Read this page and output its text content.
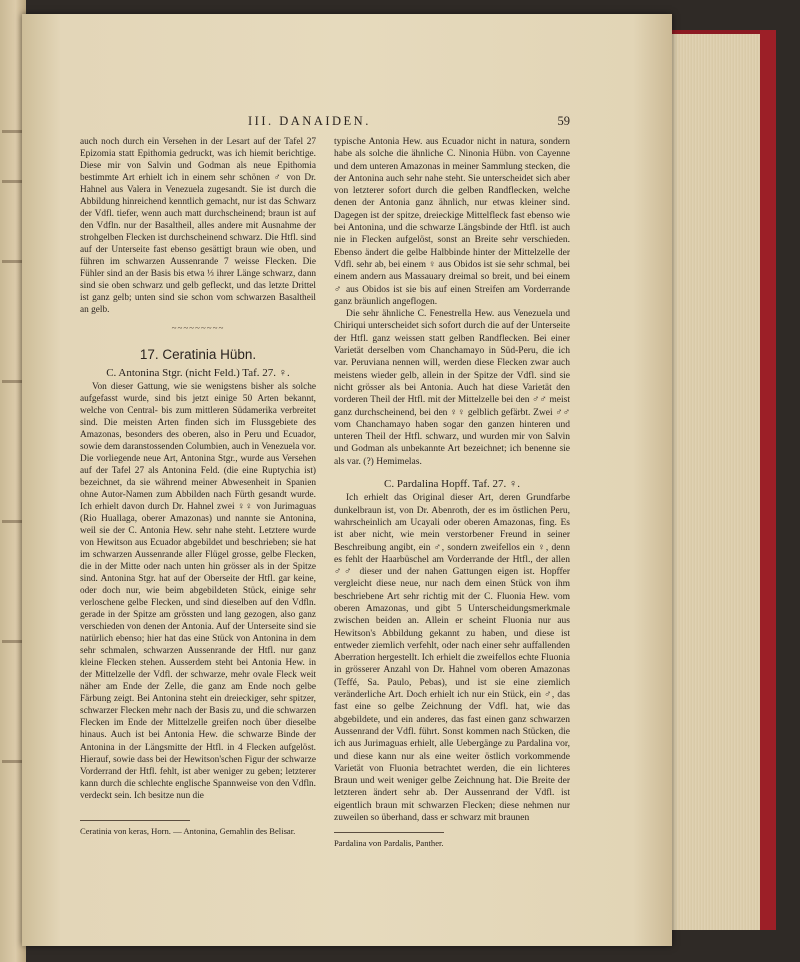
III. DANAIDEN.	59

auch noch durch ein Versehen in der Lesart auf der Tafel 27 Epizomia statt Epithomia gedruckt, was ich hiemit berichtige. Diese mir von Salvin und Godman als neue Epithomia bestimmte Art erhielt ich in einem sehr schönen ♂ von Dr. Hahnel aus Valera in Venezuela zugesandt. Sie ist durch die Abbildung hinreichend kenntlich gemacht, nur ist das Schwarz der Vdfl. tiefer, wenn auch matt durchscheinend; braun ist auf den Vdfln. nur der Basaltheil, alles andere mit Ausnahme der strohgelben Flecken ist durchscheinend schwarz. Die Htfl. sind auf der Unterseite fast ebenso gesättigt braun wie oben, und führen im schwarzen Aussenrande 7 weisse Flecken. Die Fühler sind an der Basis bis etwa ⅓ ihrer Länge schwarz, dann sind sie oben schwarz und gelb gefleckt, und das letzte Drittel ist ganz gelb; unten sind sie schon vom schwarzen Basaltheil an gelb.

~~~~~~~~~
17. Ceratinia Hübn.
C. Antonina Stgr. (nicht Feld.) Taf. 27. ♀.

Von dieser Gattung, wie sie wenigstens bisher als solche aufgefasst wurde, sind bis jetzt einige 50 Arten bekannt, welche von Central- bis zum mittleren Südamerika verbreitet sind. Die meisten Arten finden sich im Flussgebiete des Amazonas, besonders des oberen, also in Peru und Ecuador, sowie dem daranstossenden Columbien, auch in Venezuela vor. Die vorliegende neue Art, Antonina Stgr., wurde aus Versehen auf der Tafel 27 als Antonina Feld. (die eine Ruptychia ist) bezeichnet, da sie während meiner Abwesenheit in Spanien ohne Autor-Namen zum Abbilden nach Fürth gesandt wurde. Ich erhielt davon durch Dr. Hahnel zwei ♀♀ von Jurimaguas (Rio Huallaga, oberer Amazonas) und nannte sie Antonina, weil sie der C. Antonia Hew. sehr nahe steht. Letztere wurde von Hewitson aus Ecuador abgebildet und beschrieben; sie hat im schwarzen Aussenrande aller Flügel grosse, gelbe Flecken, die in der Mitte oder nach unten hin grösser als in der Spitze sind. Antonina Stgr. hat auf der Oberseite der Htfl. gar keine, oder doch nur, wie beim abgebildeten Stück, einige sehr verloschene gelbe Flecken, und sind dieselben auf den Vdfln. gerade in der Spitze am grössten und lang gezogen, also ganz verschieden von denen der Antonia. Auf der Unterseite sind sie natürlich ebenso; hier hat das eine Stück von Antonina in dem sehr schmalen, schwarzen Aussenrande der Htfl. nur ganz kleine Flecken stehen. Ausserdem steht bei Antonia Hew. in der Mittelzelle der Vdfl. der schwarze, mehr ovale Fleck weit näher am Ende der Zelle, die ganz am Ende noch gelbe Färbung zeigt. Bei Antonina steht ein dreieckiger, sehr spitzer, schwarzer Flecken mehr nach der Basis zu, und die schwarzen Flecken im Ende der Mittelzelle greifen noch über dieselbe hinaus. Auch ist bei Antonia Hew. die schwarze Binde der Antonina in der Längsmitte der Htfl. in 4 Flecken aufgelöst. Hierauf, sowie dass bei der Hewitson'schen Figur der schwarze Vorderrand der Htfl. fehlt, ist aber weniger zu geben; letzterer kann durch die schlechte englische Spannweise von den Vdfln. verdeckt sein. Ich besitze nun die

Ceratinia von keras, Horn. — Antonina, Gemahlin des Belisar.

typische Antonia Hew. aus Ecuador nicht in natura, sondern habe als solche die ähnliche C. Ninonia Hübn. von Cayenne und dem unteren Amazonas in meiner Sammlung stecken, die der Antonina auch sehr nahe steht. Sie unterscheidet sich aber von letzterer sofort durch die gelben Randflecken, welche denen der Antonia ganz ähnlich, nur etwas kleiner sind. Dagegen ist der spitze, dreieckige Mittelfleck fast ebenso wie bei Antonina, und die schwarze Längsbinde der Htfl. ist auch nie in Flecken aufgelöst, sonst an Breite sehr verschieden. Ebenso ändert die gelbe Halbbinde hinter der Mittelzelle der Vdfl. sehr ab, bei einem ♀ aus Obidos ist sie sehr schmal, bei einem andern aus Massauary dreimal so breit, und bei einem ♂ aus Obidos ist sie bis auf einen Streifen am Vorderrande ganz bräunlich angeflogen.

Die sehr ähnliche C. Fenestrella Hew. aus Venezuela und Chiriqui unterscheidet sich sofort durch die auf der Unterseite der Htfl. ganz weissen statt gelben Randflecken. Bei einer Varietät derselben vom Chanchamayo in Süd-Peru, die ich var. Peruviana nennen will, werden diese Flecken zwar auch meistens wieder gelb, allein in der Spitze der Vdfl. sind sie nicht grösser als bei Antonia. Auch hat diese Varietät den vorderen Theil der Htfl. mit der Mittelzelle bei den ♂♂ meist ganz durchscheinend, bei den ♀♀ gelblich gefärbt. Zwei ♂♂ vom Chanchamayo haben sogar den ganzen hinteren und unteren Theil der Htfl. schwarz, und wurden mir von Salvin und Godman als unbekannte Art bezeichnet; ich benenne sie als var. (?) Hemimelas.

C. Pardalina Hopff. Taf. 27. ♀.

Ich erhielt das Original dieser Art, deren Grundfarbe dunkelbraun ist, von Dr. Abenroth, der es im östlichen Peru, wahrscheinlich am Ucayali oder oberen Amazonas, fing. Es ist aber nicht, wie mein verstorbener Freund in seiner Beschreibung angibt, ein ♂, sondern zweifellos ein ♀, denn es fehlt der Haarbüschel am Vorderrande der Htfl., der allen ♂♂ dieser und der nahen Gattungen eigen ist. Hopffer vergleicht diese neue, nur nach dem einen Stück von ihm beschriebene Art sehr richtig mit der C. Fluonia Hew. vom oberen Amazonas, und gibt 5 Unterscheidungsmerkmale zwischen beiden an. Allein er scheint Fluonia nur aus Hewitson's Abbildung gekannt zu haben, und diese ist entweder ziemlich verfehlt, oder nach einer sehr auffallenden Aberration hergestellt. Ich erhielt die zweifellos echte Fluonia in grösserer Anzahl von Dr. Hahnel vom oberen Amazonas (Teffé, Sa. Paulo, Pebas), und ist sie eine ziemlich veränderliche Art. Doch erhielt ich nur ein Stück, ein ♂, das fast eine so gelbe Zeichnung der Vdfl. hat, wie das abgebildete, und ein anderes, das fast einen ganz schwarzen Aussenrand der Vdfl. führt. Sonst kommen nach Stücken, die ich aus Jurimaguas erhielt, alle Uebergänge zu Pardalina vor, und diese kann nur als eine weiter östlich vorkommende Varietät von Fluonia betrachtet werden, die ein lichteres Braun und weit weniger gelbe Zeichnung hat. Die Breite der letzteren ändert sehr ab. Der Aussenrand der Vdfl. ist eigentlich braun mit schwarzen Flecken; diese nehmen nur zuweilen so überhand, dass er schwarz mit braunen

Pardalina von Pardalis, Panther.
